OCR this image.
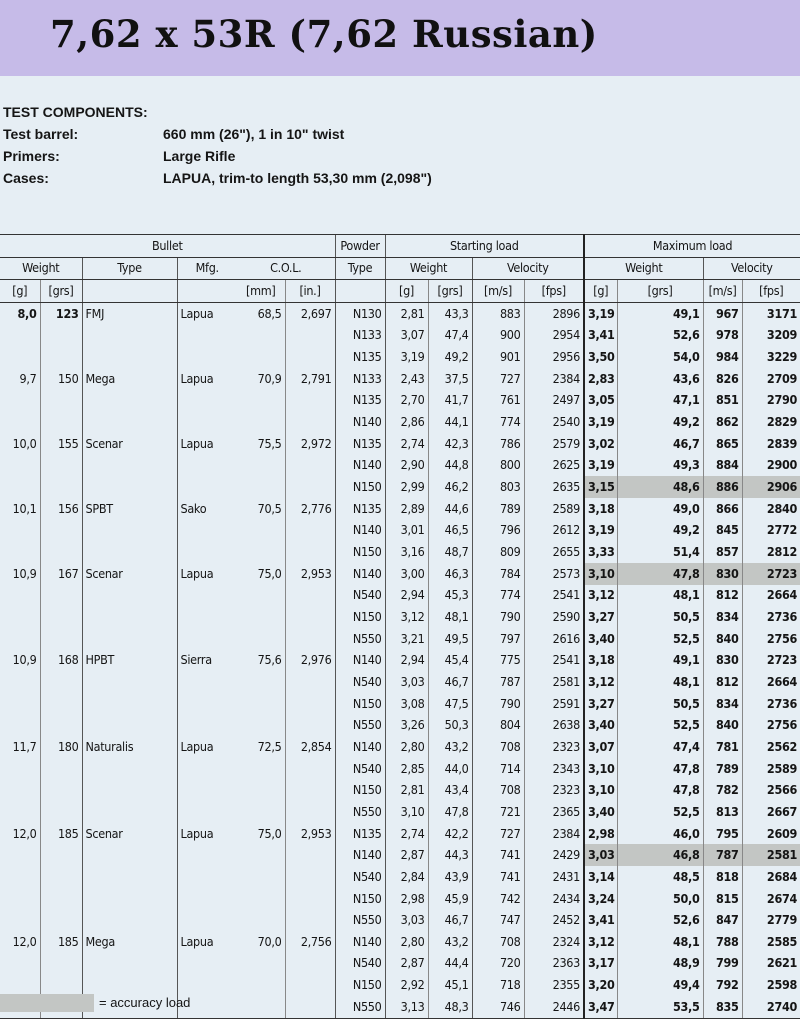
7,62 x 53R (7,62 Russian)
TEST COMPONENTS:
Test barrel:	660 mm (26"), 1 in 10" twist
Primers:	Large Rifle
Cases:	LAPUA, trim-to length 53,30 mm (2,098")
Bullet						Powder	Starting load				Maximum load			
Weight		Type	Mfg.	C.O.L.		Type	Weight		Velocity		Weight		Velocity	
[g]	[grs]			[mm]	[in.]		[g]	[grs]	[m/s]	[fps]	[g]	[grs]	[m/s]	[fps]
8,0	123	FMJ	Lapua	68,5	2,697	N130	2,81	43,3	883	2896	3,19	49,1	967	3171
						N133	3,07	47,4	900	2954	3,41	52,6	978	3209
						N135	3,19	49,2	901	2956	3,50	54,0	984	3229
9,7	150	Mega	Lapua	70,9	2,791	N133	2,43	37,5	727	2384	2,83	43,6	826	2709
						N135	2,70	41,7	761	2497	3,05	47,1	851	2790
						N140	2,86	44,1	774	2540	3,19	49,2	862	2829
10,0	155	Scenar	Lapua	75,5	2,972	N135	2,74	42,3	786	2579	3,02	46,7	865	2839
						N140	2,90	44,8	800	2625	3,19	49,3	884	2900
						N150	2,99	46,2	803	2635	3,15	48,6	886	2906
10,1	156	SPBT	Sako	70,5	2,776	N135	2,89	44,6	789	2589	3,18	49,0	866	2840
						N140	3,01	46,5	796	2612	3,19	49,2	845	2772
						N150	3,16	48,7	809	2655	3,33	51,4	857	2812
10,9	167	Scenar	Lapua	75,0	2,953	N140	3,00	46,3	784	2573	3,10	47,8	830	2723
						N540	2,94	45,3	774	2541	3,12	48,1	812	2664
						N150	3,12	48,1	790	2590	3,27	50,5	834	2736
						N550	3,21	49,5	797	2616	3,40	52,5	840	2756
10,9	168	HPBT	Sierra	75,6	2,976	N140	2,94	45,4	775	2541	3,18	49,1	830	2723
						N540	3,03	46,7	787	2581	3,12	48,1	812	2664
						N150	3,08	47,5	790	2591	3,27	50,5	834	2736
						N550	3,26	50,3	804	2638	3,40	52,5	840	2756
11,7	180	Naturalis	Lapua	72,5	2,854	N140	2,80	43,2	708	2323	3,07	47,4	781	2562
						N540	2,85	44,0	714	2343	3,10	47,8	789	2589
						N150	2,81	43,4	708	2323	3,10	47,8	782	2566
						N550	3,10	47,8	721	2365	3,40	52,5	813	2667
12,0	185	Scenar	Lapua	75,0	2,953	N135	2,74	42,2	727	2384	2,98	46,0	795	2609
						N140	2,87	44,3	741	2429	3,03	46,8	787	2581
						N540	2,84	43,9	741	2431	3,14	48,5	818	2684
						N150	2,98	45,9	742	2434	3,24	50,0	815	2674
						N550	3,03	46,7	747	2452	3,41	52,6	847	2779
12,0	185	Mega	Lapua	70,0	2,756	N140	2,80	43,2	708	2324	3,12	48,1	788	2585
						N540	2,87	44,4	720	2363	3,17	48,9	799	2621
						N150	2,92	45,1	718	2355	3,20	49,4	792	2598
						N550	3,13	48,3	746	2446	3,47	53,5	835	2740
= accuracy load
